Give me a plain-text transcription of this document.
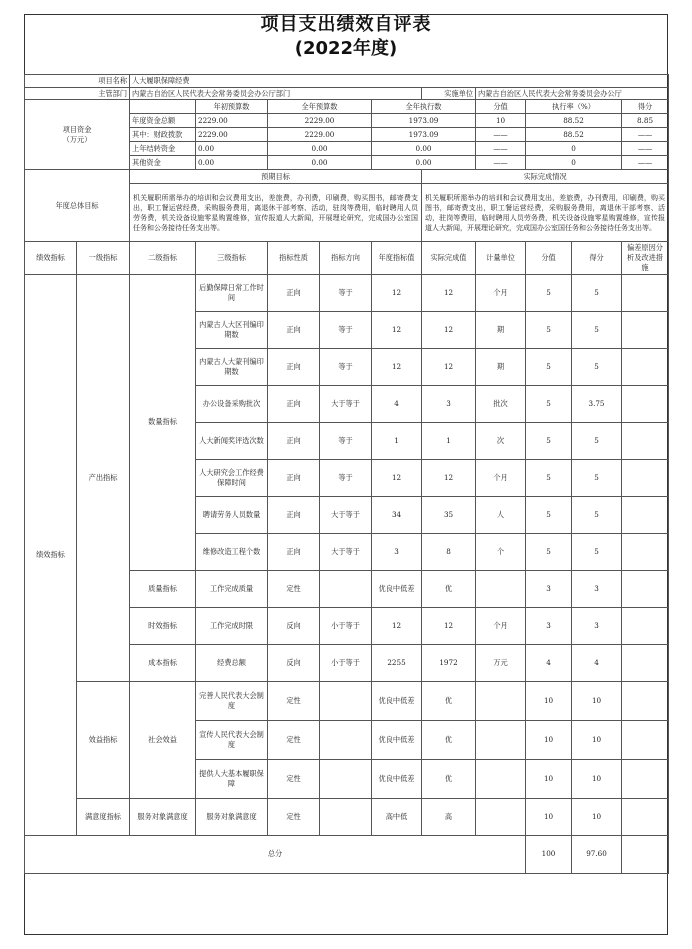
项目支出绩效自评表
(2022年度)
项目名称		人大履职保障经费									
主管部门		内蒙古自治区人民代表大会常务委员会办公厅部门					实施单位	内蒙古自治区人民代表大会常务委员会办公厅			
项目资金
（万元）			年初预算数	全年预算数		全年执行数		分值	执行率（%）		得分
		年度资金总额	2229.00	2229.00		1973.09		10	88.52		8.85
		其中：财政拨款	2229.00	2229.00		1973.09		——	88.52		——
		上年结转资金	0.00	0.00		0.00		——	0		——
		其他资金	0.00	0.00		0.00		——	0		——
年度总体目标		预期目标					实际完成情况				
		机关履职所需举办的培训和会议费用支出，差旅费，办刊费，印刷费，购买图书，邮寄费支出，职工餐运营经费，采购服务费用，离退休干部考察、活动，驻岗等费用，临时聘用人员劳务费，机关设备设施零星购置维修，宣传报道人大新闻，开展理论研究，完成国办公室国任务和公务接待任务支出等。					机关履职所需举办的培训和会议费用支出，差旅费，办刊费用，印刷费，购买图书，邮寄费支出，职工餐运营经费，采购服务费用，离退休干部考察、活动，驻岗等费用，临时聘用人员劳务费，机关设备设施零星购置维修，宣传报道人大新闻，开展理论研究，完成国办公室国任务和公务接待任务支出等。				
绩效指标	一级指标	二级指标	三级指标	指标性质	指标方向	年度指标值	实际完成值	计量单位	分值	得分	偏差原因分析及改进措施
绩效指标	产出指标	数量指标	后勤保障日常工作时间	正向	等于	12	12	个月	5	5	
			内蒙古人大区刊编印期数	正向	等于	12	12	期	5	5	
			内蒙古人大蒙刊编印期数	正向	等于	12	12	期	5	5	
			办公设备采购批次	正向	大于等于	4	3	批次	5	3.75	
			人大新闻奖评选次数	正向	等于	1	1	次	5	5	
			人大研究会工作经费保障时间	正向	等于	12	12	个月	5	5	
			聘请劳务人员数量	正向	大于等于	34	35	人	5	5	
			维修改造工程个数	正向	大于等于	3	8	个	5	5	
		质量指标	工作完成质量	定性		优良中低差	优		3	3	
		时效指标	工作完成时限	反向	小于等于	12	12	个月	3	3	
		成本指标	经费总额	反向	小于等于	2255	1972	万元	4	4	
	效益指标	社会效益	完善人民代表大会制度	定性		优良中低差	优		10	10	
			宣传人民代表大会制度	定性		优良中低差	优		10	10	
			提供人大基本履职保障	定性		优良中低差	优		10	10	
	满意度指标	服务对象满意度	服务对象满意度	定性		高中低	高		10	10	
总分									100	97.60	
